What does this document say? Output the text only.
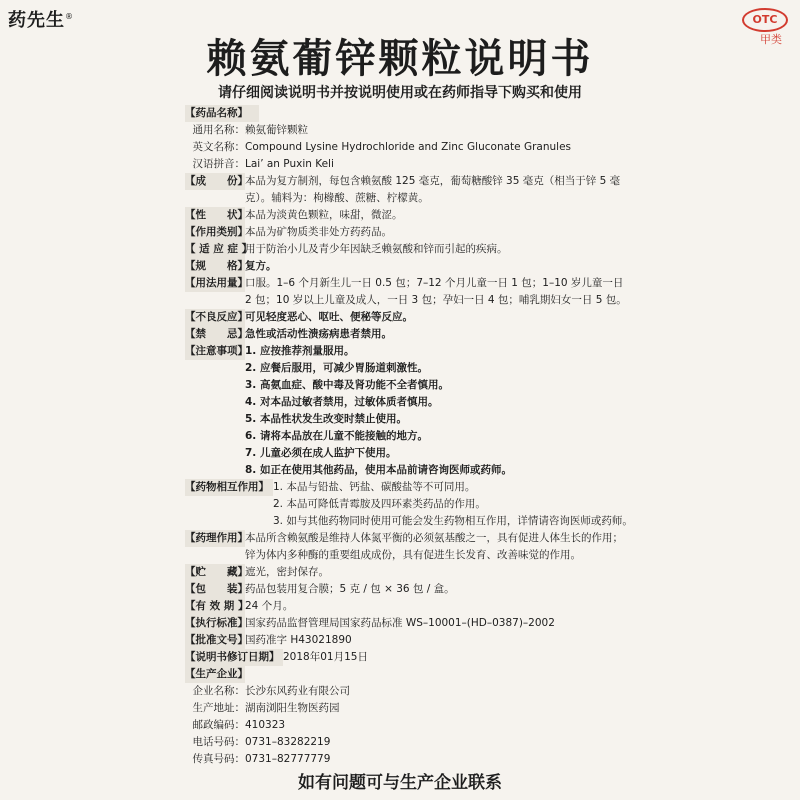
药先生®	OTC
甲类
赖氨葡锌颗粒说明书
请仔细阅读说明书并按说明使用或在药师指导下购买和使用
【药品名称】
通用名称： 赖氨葡锌颗粒
英文名称： Compound Lysine Hydrochloride and Zinc Gluconate Granules
汉语拼音： Lai’ an Puxin Keli
【成　　份】
本品为复方制剂，每包含赖氨酸 125 毫克，葡萄糖酸锌 35 毫克（相当于锌 5 毫
克）。辅料为：枸橼酸、蔗糖、柠檬黄。
【性　　状】
本品为淡黄色颗粒，味甜，微涩。
【作用类别】
本品为矿物质类非处方药药品。
【 适 应 症 】
用于防治小儿及青少年因缺乏赖氨酸和锌而引起的疾病。
【规　　格】
复方。
【用法用量】
口服。1–6 个月新生儿一日 0.5 包；7–12 个月儿童一日 1 包；1–10 岁儿童一日
2 包；10 岁以上儿童及成人，一日 3 包；孕妇一日 4 包；哺乳期妇女一日 5 包。
【不良反应】
可见轻度恶心、呕吐、便秘等反应。
【禁　　忌】
急性或活动性溃疡病患者禁用。
【注意事项】
1. 应按推荐剂量服用。
2. 应餐后服用，可减少胃肠道刺激性。
3. 高氨血症、酸中毒及肾功能不全者慎用。
4. 对本品过敏者禁用，过敏体质者慎用。
5. 本品性状发生改变时禁止使用。
6. 请将本品放在儿童不能接触的地方。
7. 儿童必须在成人监护下使用。
8. 如正在使用其他药品，使用本品前请咨询医师或药师。
【药物相互作用】 1. 本品与铅盐、钙盐、碳酸盐等不可同用。
2. 本品可降低青霉胺及四环素类药品的作用。
3. 如与其他药物同时使用可能会发生药物相互作用，详情请咨询医师或药师。
【药理作用】
本品所含赖氨酸是维持人体氮平衡的必须氨基酸之一，具有促进人体生长的作用；
锌为体内多种酶的重要组成成份，具有促进生长发育、改善味觉的作用。
【贮　　藏】
遮光，密封保存。
【包　　装】
药品包装用复合膜；5 克 / 包 × 36 包 / 盒。
【有 效 期 】
24 个月。
【执行标准】
国家药品监督管理局国家药品标准 WS–10001–(HD–0387)–2002
【批准文号】
国药准字 H43021890
【说明书修订日期】 2018年01月15日
【生产企业】
企业名称： 长沙东风药业有限公司
生产地址： 湖南浏阳生物医药园
邮政编码： 410323
电话号码： 0731–83282219
传真号码： 0731–82777779
如有问题可与生产企业联系
